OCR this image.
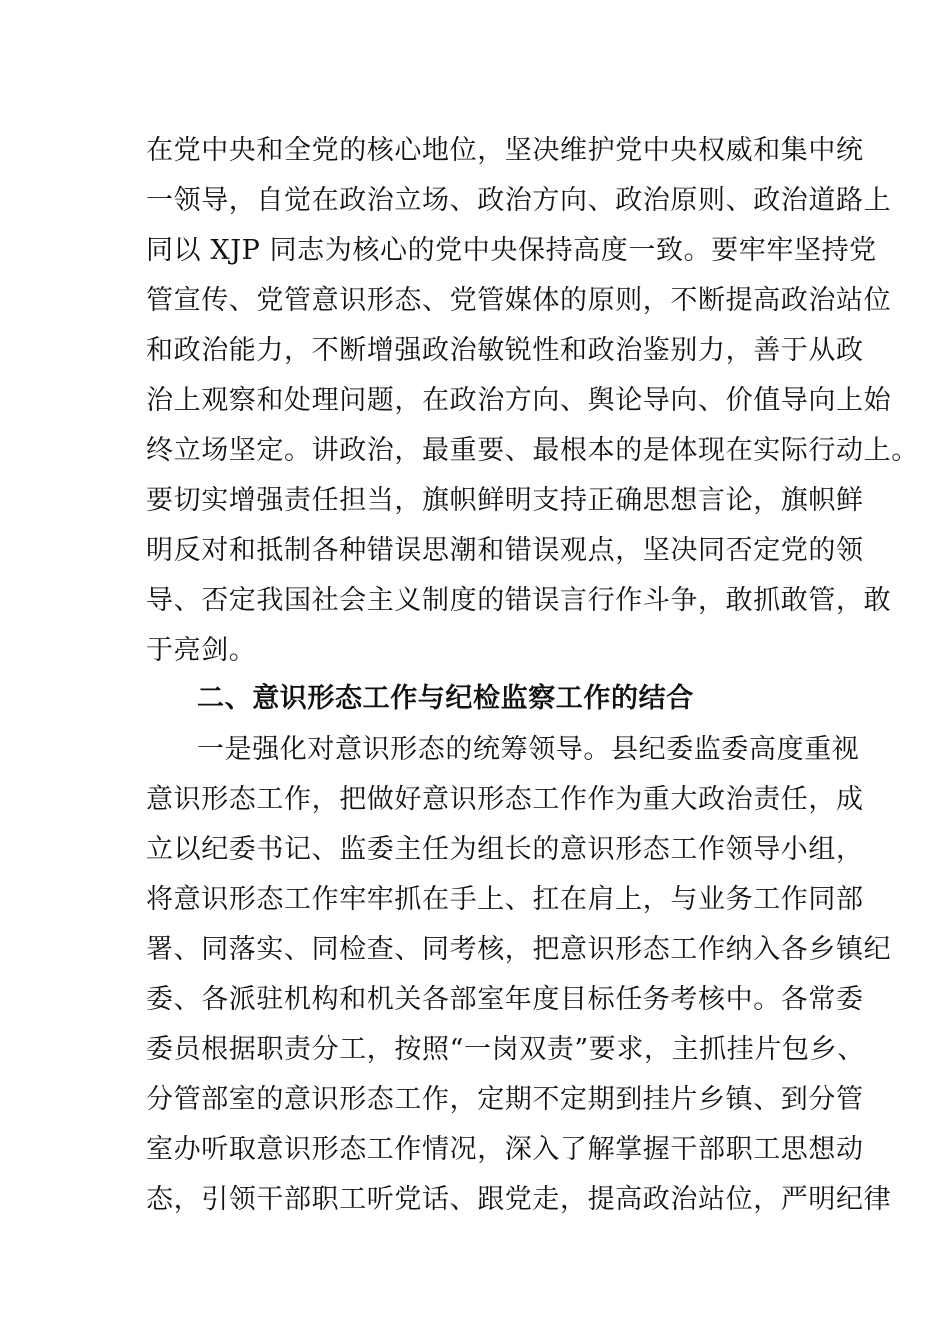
在党中央和全党的核心地位，坚决维护党中央权威和集中统
一领导，自觉在政治立场、政治方向、政治原则、政治道路上
同以 XJP 同志为核心的党中央保持高度一致。要牢牢坚持党
管宣传、党管意识形态、党管媒体的原则，不断提高政治站位
和政治能力，不断增强政治敏锐性和政治鉴别力，善于从政
治上观察和处理问题，在政治方向、舆论导向、价值导向上始
终立场坚定。讲政治，最重要、最根本的是体现在实际行动上。
要切实增强责任担当，旗帜鲜明支持正确思想言论，旗帜鲜
明反对和抵制各种错误思潮和错误观点，坚决同否定党的领
导、否定我国社会主义制度的错误言行作斗争，敢抓敢管，敢
于亮剑。
二、意识形态工作与纪检监察工作的结合
一是强化对意识形态的统筹领导。县纪委监委高度重视
意识形态工作，把做好意识形态工作作为重大政治责任，成
立以纪委书记、监委主任为组长的意识形态工作领导小组，
将意识形态工作牢牢抓在手上、扛在肩上，与业务工作同部
署、同落实、同检查、同考核，把意识形态工作纳入各乡镇纪
委、各派驻机构和机关各部室年度目标任务考核中。各常委
委员根据职责分工，按照“一岗双责”要求，主抓挂片包乡、
分管部室的意识形态工作，定期不定期到挂片乡镇、到分管
室办听取意识形态工作情况，深入了解掌握干部职工思想动
态，引领干部职工听党话、跟党走，提高政治站位，严明纪律
